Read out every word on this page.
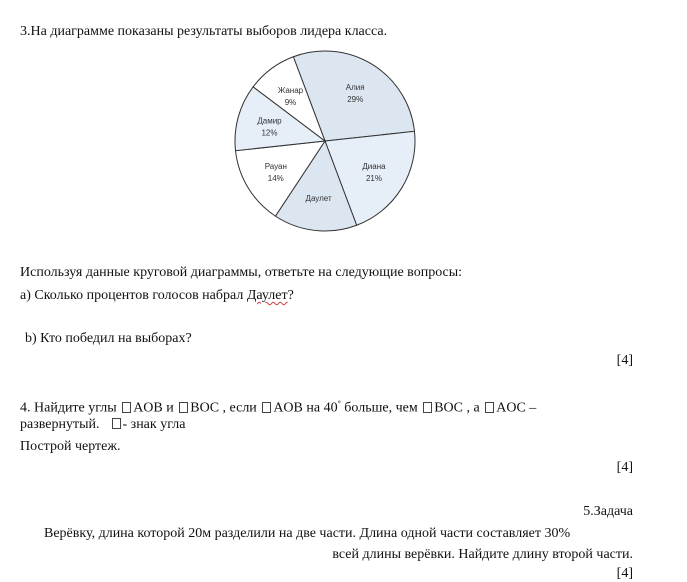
3.На диаграмме показаны результаты выборов лидера класса.
Алия
29%
Диана
21%
Даулет
Рауан
14%
Дамир
12%
Жанар
9%
Используя данные круговой диаграммы, ответьте на следующие вопросы:
а) Сколько процентов голосов набрал Даулет?
b) Кто победил на выборах?
[4]
4. Найдите углы AOB и BOC , если AOB на 40° больше, чем BOC , а AOC –
развернутый. - знак угла
Построй чертеж.
[4]
5.Задача
Верёвку, длина которой 20м разделили на две части. Длина одной части составляет 30%
всей длины верёвки. Найдите длину второй части.
[4]
